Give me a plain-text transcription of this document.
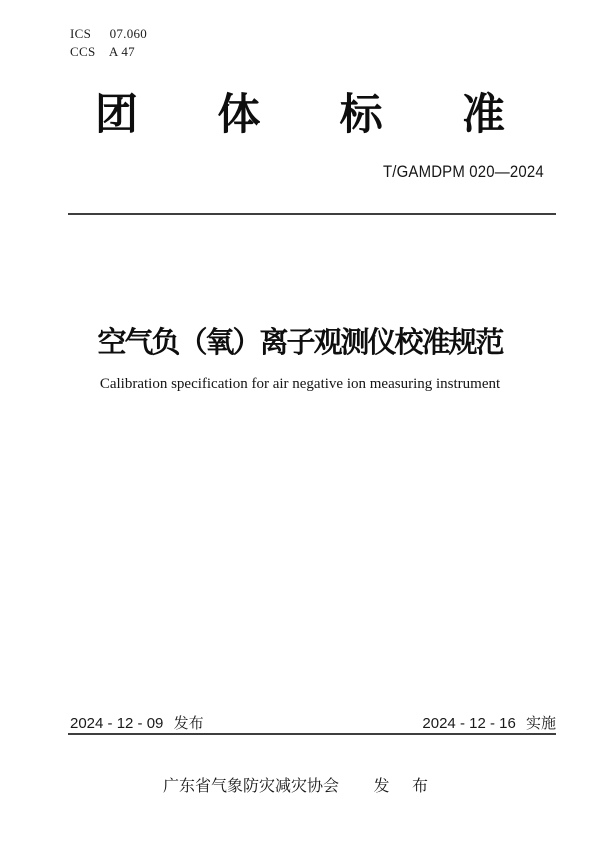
ICS 07.060
CCS A 47
团 体 标 准
T/GAMDPM 020—2024
空气负（氧）离子观测仪校准规范
Calibration specification for air negative ion measuring instrument
2024 - 12 - 09 发布	2024 - 12 - 16 实施
广东省气象防灾减灾协会 发 布
